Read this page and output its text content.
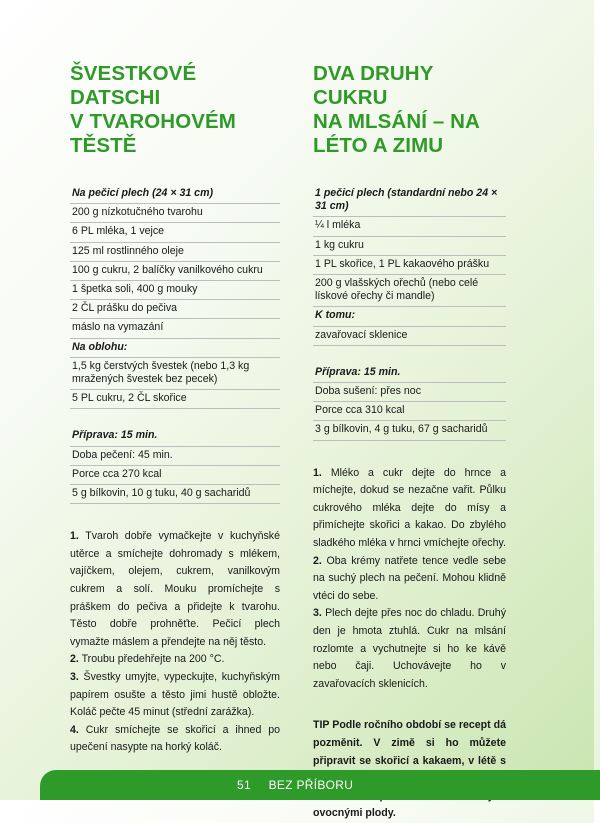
ŠVESTKOVÉ DATSCHI
V TVAROHOVÉM
TĚSTĚ
Na pečicí plech (24 × 31 cm)
200 g nízkotučného tvarohu
6 PL mléka, 1 vejce
125 ml rostlinného oleje
100 g cukru, 2 balíčky vanilkového cukru
1 špetka soli, 400 g mouky
2 ČL prášku do pečiva
máslo na vymazání
Na oblohu:
1,5 kg čerstvých švestek (nebo 1,3 kg mražených švestek bez pecek)
5 PL cukru, 2 ČL skořice
Příprava: 15 min.
Doba pečení: 45 min.
Porce cca 270 kcal
5 g bílkovin, 10 g tuku, 40 g sacharidů

1. Tvaroh dobře vymačkejte v kuchyňské utěrce a smíchejte dohromady s mlékem, vajíčkem, olejem, cukrem, vanilkovým cukrem a solí. Mouku promíchejte s práškem do pečiva a přidejte k tvarohu. Těsto dobře prohněťte. Pečicí plech vymažte máslem a přendejte na něj těsto.

2. Troubu předehřejte na 200 °C.

3. Švestky umyjte, vypeckujte, kuchyňským papírem osušte a těsto jimi hustě obložte. Koláč pečte 45 minut (střední zarážka).

4. Cukr smíchejte se skořicí a ihned po upečení nasypte na horký koláč.

DVA DRUHY CUKRU
NA MLSÁNÍ – NA
LÉTO A ZIMU
1 pečicí plech (standardní nebo 24 × 31 cm)
¼ l mléka
1 kg cukru
1 PL skořice, 1 PL kakaového prášku
200 g vlašských ořechů (nebo celé lískové ořechy či mandle)
K tomu:
zavařovací sklenice
Příprava: 15 min.
Doba sušení: přes noc
Porce cca 310 kcal
3 g bílkovin, 4 g tuku, 67 g sacharidů

1. Mléko a cukr dejte do hrnce a míchejte, dokud se nezačne vařit. Půlku cukrového mléka dejte do mísy a přimíchejte skořici a kakao. Do zbylého sladkého mléka v hrnci vmíchejte ořechy.

2. Oba krémy natřete tence vedle sebe na suchý plech na pečení. Mohou klidně vtéci do sebe.

3. Plech dejte přes noc do chladu. Druhý den je hmota ztuhlá. Cukr na mlsání rozlomte a vychutnejte si ho ke kávě nebo čaji. Uchovávejte ho v zavařovacích sklenicích.

TIP Podle ročního období se recept dá pozměnit. V zimě si ho můžete připravit se skořicí a kakaem, v létě s ovocnými plody.
51 BEZ PŘÍBORU
